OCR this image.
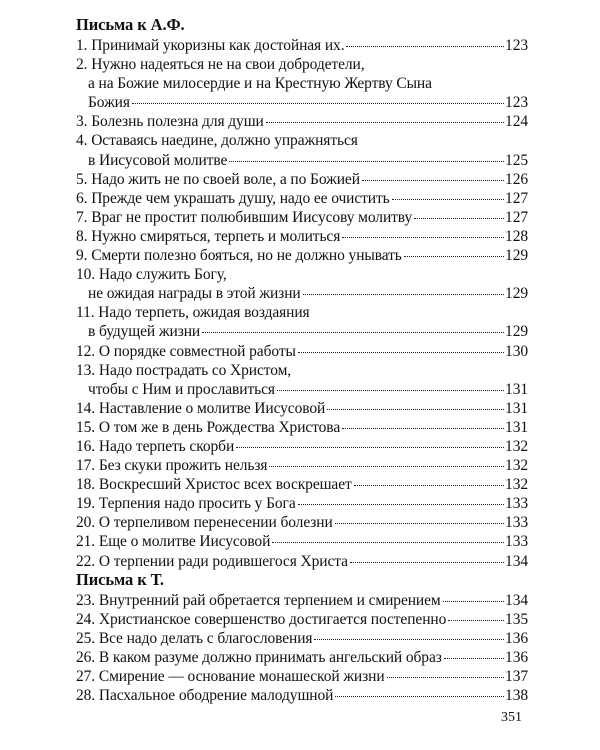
Письма к А.Ф.
1. Принимай укоризны как достойная их.	123
2. Нужно надеяться не на свои добродетели,
а на Божие милосердие и на Крестную Жертву Сына
Божия	123
3. Болезнь полезна для души	124
4. Оставаясь наедине, должно упражняться
в Иисусовой молитве	125
5. Надо жить не по своей воле, а по Божией	126
6. Прежде чем украшать душу, надо ее очистить	127
7. Враг не простит полюбившим Иисусову молитву	127
8. Нужно смиряться, терпеть и молиться	128
9. Смерти полезно бояться, но не должно унывать	129
10. Надо служить Богу,
не ожидая награды в этой жизни	129
11. Надо терпеть, ожидая воздаяния
в будущей жизни	129
12. О порядке совместной работы	130
13. Надо пострадать со Христом,
чтобы с Ним и прославиться	131
14. Наставление о молитве Иисусовой	131
15. О том же в день Рождества Христова	131
16. Надо терпеть скорби	132
17. Без скуки прожить нельзя	132
18. Воскресший Христос всех воскрешает	132
19. Терпения надо просить у Бога	133
20. О терпеливом перенесении болезни	133
21. Еще о молитве Иисусовой	133
22. О терпении ради родившегося Христа	134
Письма к Т.
23. Внутренний рай обретается терпением и смирением	134
24. Христианское совершенство достигается постепенно	135
25. Все надо делать с благословения	136
26. В каком разуме должно принимать ангельский образ	136
27. Смирение — основание монашеской жизни	137
28. Пасхальное ободрение малодушной	138
351
